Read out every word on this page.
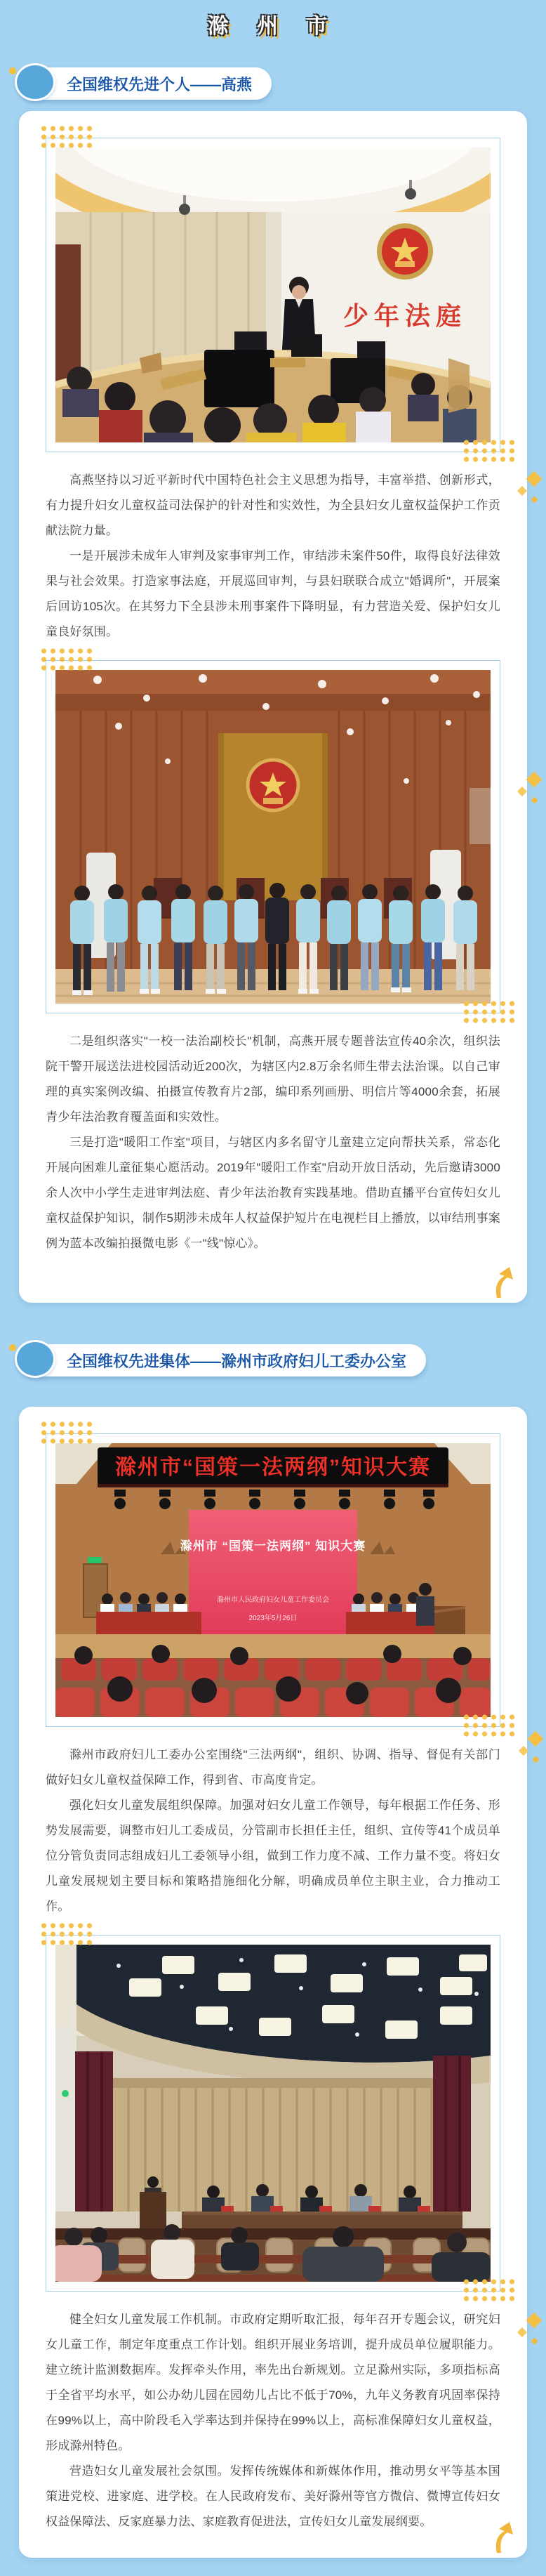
滁 州 市
全国维权先进个人——高燕
少年法庭

高燕坚持以习近平新时代中国特色社会主义思想为指导，丰富举措、创新形式，有力提升妇女儿童权益司法保护的针对性和实效性，为全县妇女儿童权益保护工作贡献法院力量。

一是开展涉未成年人审判及家事审判工作，审结涉未案件50件，取得良好法律效果与社会效果。打造家事法庭，开展巡回审判，与县妇联联合成立"婚调所"，开展案后回访105次。在其努力下全县涉未刑事案件下降明显，有力营造关爱、保护妇女儿童良好氛围。

二是组织落实"一校一法治副校长"机制，高燕开展专题普法宣传40余次，组织法院干警开展送法进校园活动近200次，为辖区内2.8万余名师生带去法治课。以自己审理的真实案例改编、拍摄宣传教育片2部，编印系列画册、明信片等4000余套，拓展青少年法治教育覆盖面和实效性。

三是打造"暖阳工作室"项目，与辖区内多名留守儿童建立定向帮扶关系，常态化开展向困难儿童征集心愿活动。2019年"暖阳工作室"启动开放日活动，先后邀请3000余人次中小学生走进审判法庭、青少年法治教育实践基地。借助直播平台宣传妇女儿童权益保护知识，制作5期涉未成年人权益保护短片在电视栏目上播放，以审结刑事案例为蓝本改编拍摄微电影《一"线"惊心》。

全国维权先进集体——滁州市政府妇儿工委办公室
滁州市“国策一法两纲”知识大赛
滁州市 “国策一法两纲” 知识大赛
滁州市人民政府妇女儿童工作委员会
2023年5月26日

滁州市政府妇儿工委办公室围绕"三法两纲"，组织、协调、指导、督促有关部门做好妇女儿童权益保障工作，得到省、市高度肯定。

强化妇女儿童发展组织保障。加强对妇女儿童工作领导，每年根据工作任务、形势发展需要，调整市妇儿工委成员，分管副市长担任主任，组织、宣传等41个成员单位分管负责同志组成妇儿工委领导小组，做到工作力度不减、工作力量不变。将妇女儿童发展规划主要目标和策略措施细化分解，明确成员单位主职主业，合力推动工作。

健全妇女儿童发展工作机制。市政府定期听取汇报，每年召开专题会议，研究妇女儿童工作，制定年度重点工作计划。组织开展业务培训，提升成员单位履职能力。建立统计监测数据库。发挥牵头作用，率先出台新规划。立足滁州实际，多项指标高于全省平均水平，如公办幼儿园在园幼儿占比不低于70%，九年义务教育巩固率保持在99%以上，高中阶段毛入学率达到并保持在99%以上，高标准保障妇女儿童权益，形成滁州特色。

营造妇女儿童发展社会氛围。发挥传统媒体和新媒体作用，推动男女平等基本国策进党校、进家庭、进学校。在人民政府发布、美好滁州等官方微信、微博宣传妇女权益保障法、反家庭暴力法、家庭教育促进法，宣传妇女儿童发展纲要。
